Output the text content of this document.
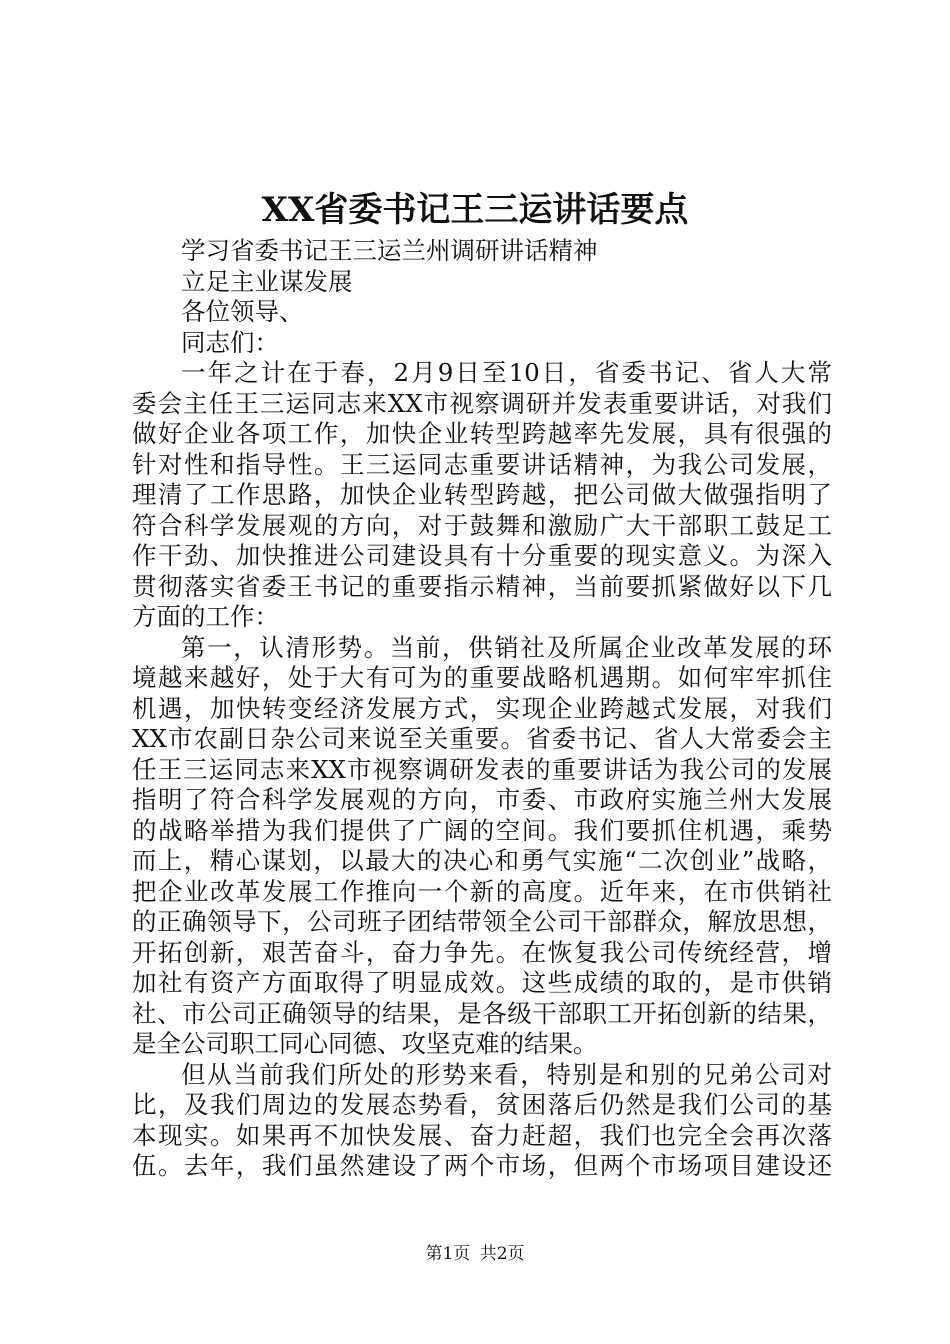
XX省委书记王三运讲话要点
学习省委书记王三运兰州调研讲话精神
立足主业谋发展
各位领导、
同志们：
一年之计在于春，2月9日至10日，省委书记、省人大常
委会主任王三运同志来XX市视察调研并发表重要讲话，对我们
做好企业各项工作，加快企业转型跨越率先发展，具有很强的
针对性和指导性。王三运同志重要讲话精神，为我公司发展，
理清了工作思路，加快企业转型跨越，把公司做大做强指明了
符合科学发展观的方向，对于鼓舞和激励广大干部职工鼓足工
作干劲、加快推进公司建设具有十分重要的现实意义。为深入
贯彻落实省委王书记的重要指示精神，当前要抓紧做好以下几
方面的工作：
第一，认清形势。当前，供销社及所属企业改革发展的环
境越来越好，处于大有可为的重要战略机遇期。如何牢牢抓住
机遇，加快转变经济发展方式，实现企业跨越式发展，对我们
XX市农副日杂公司来说至关重要。省委书记、省人大常委会主
任王三运同志来XX市视察调研发表的重要讲话为我公司的发展
指明了符合科学发展观的方向，市委、市政府实施兰州大发展
的战略举措为我们提供了广阔的空间。我们要抓住机遇，乘势
而上，精心谋划，以最大的决心和勇气实施“二次创业”战略，
把企业改革发展工作推向一个新的高度。近年来，在市供销社
的正确领导下，公司班子团结带领全公司干部群众，解放思想，
开拓创新，艰苦奋斗，奋力争先。在恢复我公司传统经营，增
加社有资产方面取得了明显成效。这些成绩的取的，是市供销
社、市公司正确领导的结果，是各级干部职工开拓创新的结果，
是全公司职工同心同德、攻坚克难的结果。
但从当前我们所处的形势来看，特别是和别的兄弟公司对
比，及我们周边的发展态势看，贫困落后仍然是我们公司的基
本现实。如果再不加快发展、奋力赶超，我们也完全会再次落
伍。去年，我们虽然建设了两个市场，但两个市场项目建设还
第1页 共2页
